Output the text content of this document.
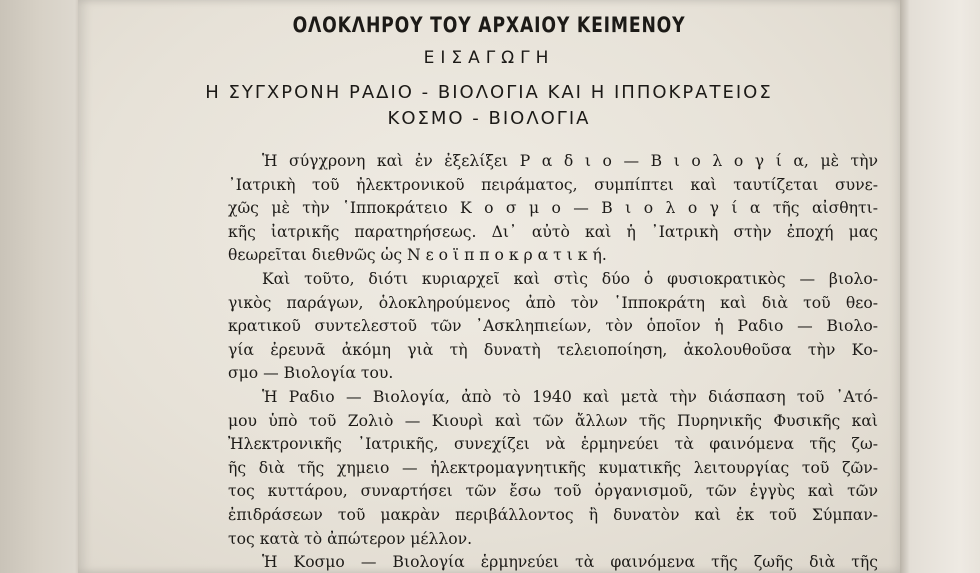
ΟΛΟΚΛΗΡΟΥ ΤΟΥ ΑΡΧΑΙΟΥ ΚΕΙΜΕΝΟΥ
ΕΙΣΑΓΩΓΗ
Η ΣΥΓΧΡΟΝΗ ΡΑΔΙΟ - ΒΙΟΛΟΓΙΑ ΚΑΙ Η ΙΠΠΟΚΡΑΤΕΙΟΣ
ΚΟΣΜΟ - ΒΙΟΛΟΓΙΑ
Ἡ σύγχρονη καὶ ἐν ἐξελίξει Ρ α δ ι ο — Β ι ο λ ο γ ί α, μὲ τὴν
᾿Ιατρικὴ τοῦ ἠλεκτρονικοῦ πειράματος, συμπίπτει καὶ ταυτίζεται συνε-
χῶς μὲ τὴν ῾Ιπποκράτειο Κ ο σ μ ο — Β ι ο λ ο γ ί α τῆς αἰσθητι-
κῆς ἰατρικῆς παρατηρήσεως. Δι᾿ αὐτὸ καὶ ἡ ᾿Ιατρικὴ στὴν ἐποχή μας
θεωρεῖται διεθνῶς ὡς Ν ε ο ϊ π π ο κ ρ α τ ι κ ή.
Καὶ τοῦτο, διότι κυριαρχεῖ καὶ στὶς δύο ὁ φυσιοκρατικὸς — βιολο-
γικὸς παράγων, ὁλοκληρούμενος ἀπὸ τὸν ῾Ιπποκράτη καὶ διὰ τοῦ θεο-
κρατικοῦ συντελεστοῦ τῶν ᾿Ασκληπιείων, τὸν ὁποῖον ἡ Ραδιο — Βιολο-
γία ἐρευνᾶ ἀκόμη γιὰ τὴ δυνατὴ τελειοποίηση, ἀκολουθοῦσα τὴν Κο-
σμο — Βιολογία του.
Ἡ Ραδιο — Βιολογία, ἀπὸ τὸ 1940 καὶ μετὰ τὴν διάσπαση τοῦ ᾿Ατό-
μου ὑπὸ τοῦ Ζολιὸ — Κιουρὶ καὶ τῶν ἄλλων τῆς Πυρηνικῆς Φυσικῆς καὶ
Ἠλεκτρονικῆς ᾿Ιατρικῆς, συνεχίζει νὰ ἑρμηνεύει τὰ φαινόμενα τῆς ζω-
ῆς διὰ τῆς χημειο — ἠλεκτρομαγνητικῆς κυματικῆς λειτουργίας τοῦ ζῶν-
τος κυττάρου, συναρτήσει τῶν ἔσω τοῦ ὀργανισμοῦ, τῶν ἐγγὺς καὶ τῶν
ἐπιδράσεων τοῦ μακρὰν περιβάλλοντος ἢ δυνατὸν καὶ ἐκ τοῦ Σύμπαν-
τος κατὰ τὸ ἀπώτερον μέλλον.
Ἡ Κοσμο — Βιολογία ἑρμηνεύει τὰ φαινόμενα τῆς ζωῆς διὰ τῆς
